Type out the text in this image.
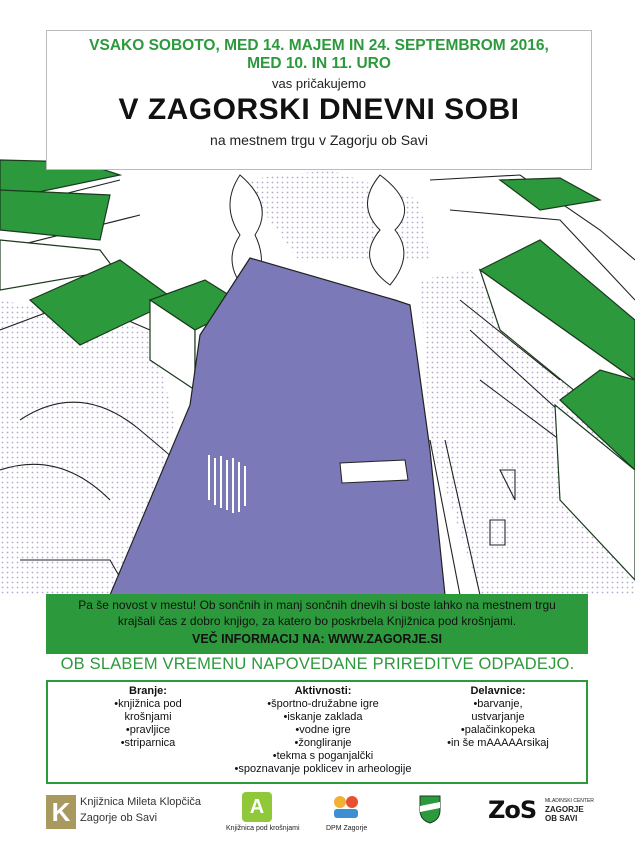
VSAKO SOBOTO, MED 14. MAJEM IN 24. SEPTEMBROM 2016,
MED 10. IN 11. URO
vas pričakujemo
V ZAGORSKI DNEVNI SOBI
na mestnem trgu v Zagorju ob Savi
Pa še novost v mestu! Ob sončnih in manj sončnih dnevih si boste lahko na mestnem trgu
krajšali čas z dobro knjigo, za katero bo poskrbela Knjižnica pod krošnjami.
VEČ INFORMACIJ NA: WWW.ZAGORJE.SI
OB SLABEM VREMENU NAPOVEDANE PRIREDITVE ODPADEJO.
Branje:
•knjižnica pod
krošnjami
•pravljice
•striparnica
Aktivnosti:
•športno-družabne igre
•iskanje zaklada
•vodne igre
•žongliranje
•tekma s poganjalčki
•spoznavanje poklicev in arheologije
Delavnice:
•barvanje,
ustvarjanje
•palačinkopeka
•in še mAAAAArsikaj
K Knjižnica Mileta Klopčiča
Zagorje ob Savi	A
Knjižnica pod krošnjami	DPM Zagorje
ZoS MLADINSKI CENTER
ZAGORJE
OB SAVI
